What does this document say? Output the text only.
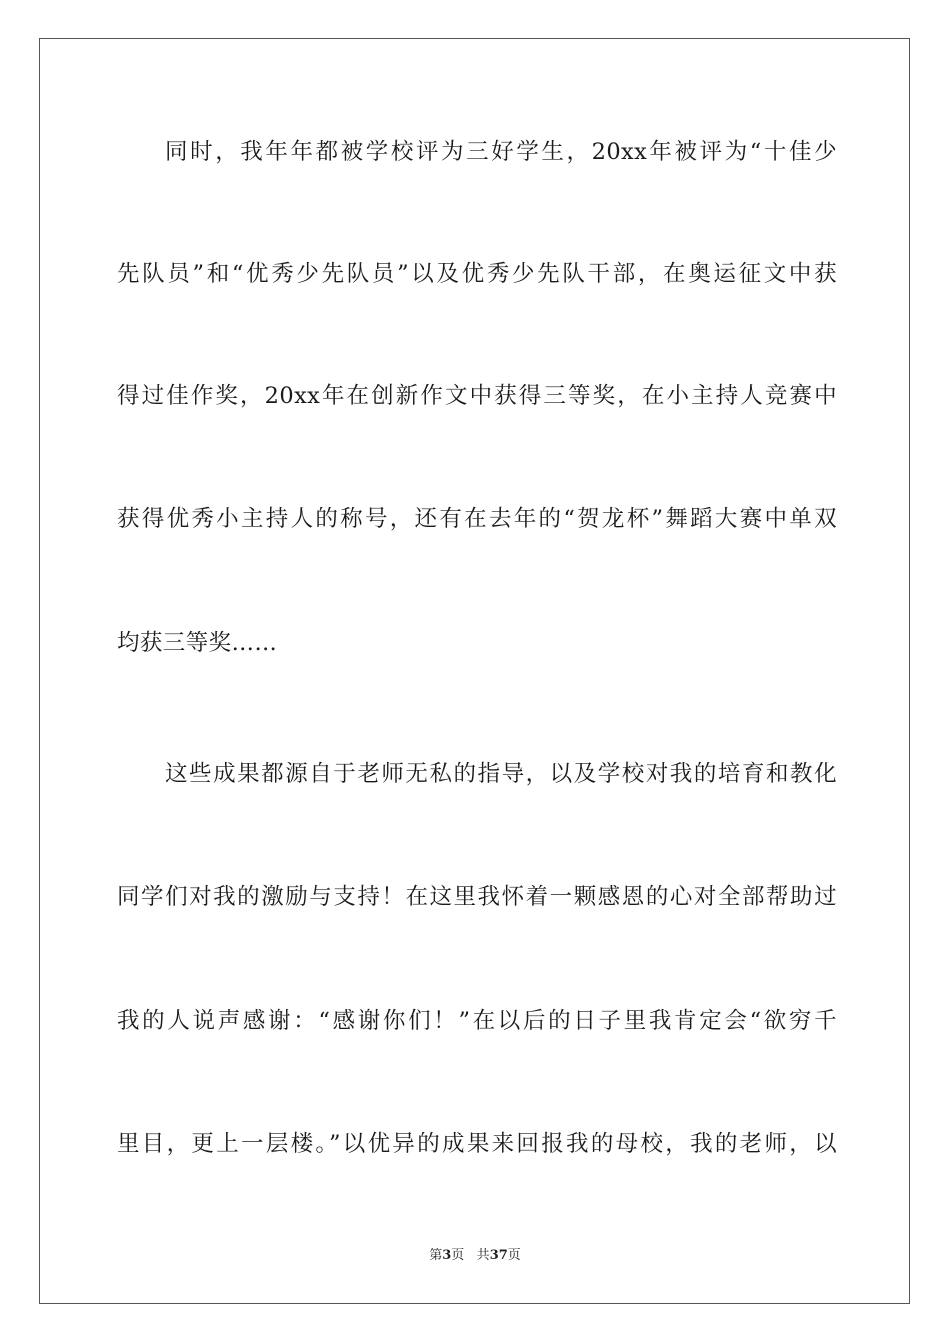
同时，我年年都被学校评为三好学生，20xx年被评为“十佳少
先队员”和“优秀少先队员”以及优秀少先队干部，在奥运征文中获
得过佳作奖，20xx年在创新作文中获得三等奖，在小主持人竞赛中
获得优秀小主持人的称号，还有在去年的“贺龙杯”舞蹈大赛中单双
均获三等奖……
这些成果都源自于老师无私的指导，以及学校对我的培育和教化
同学们对我的激励与支持！在这里我怀着一颗感恩的心对全部帮助过
我的人说声感谢：“感谢你们！”在以后的日子里我肯定会“欲穷千
里目，更上一层楼。”以优异的成果来回报我的母校，我的老师，以
第3页 共37页
